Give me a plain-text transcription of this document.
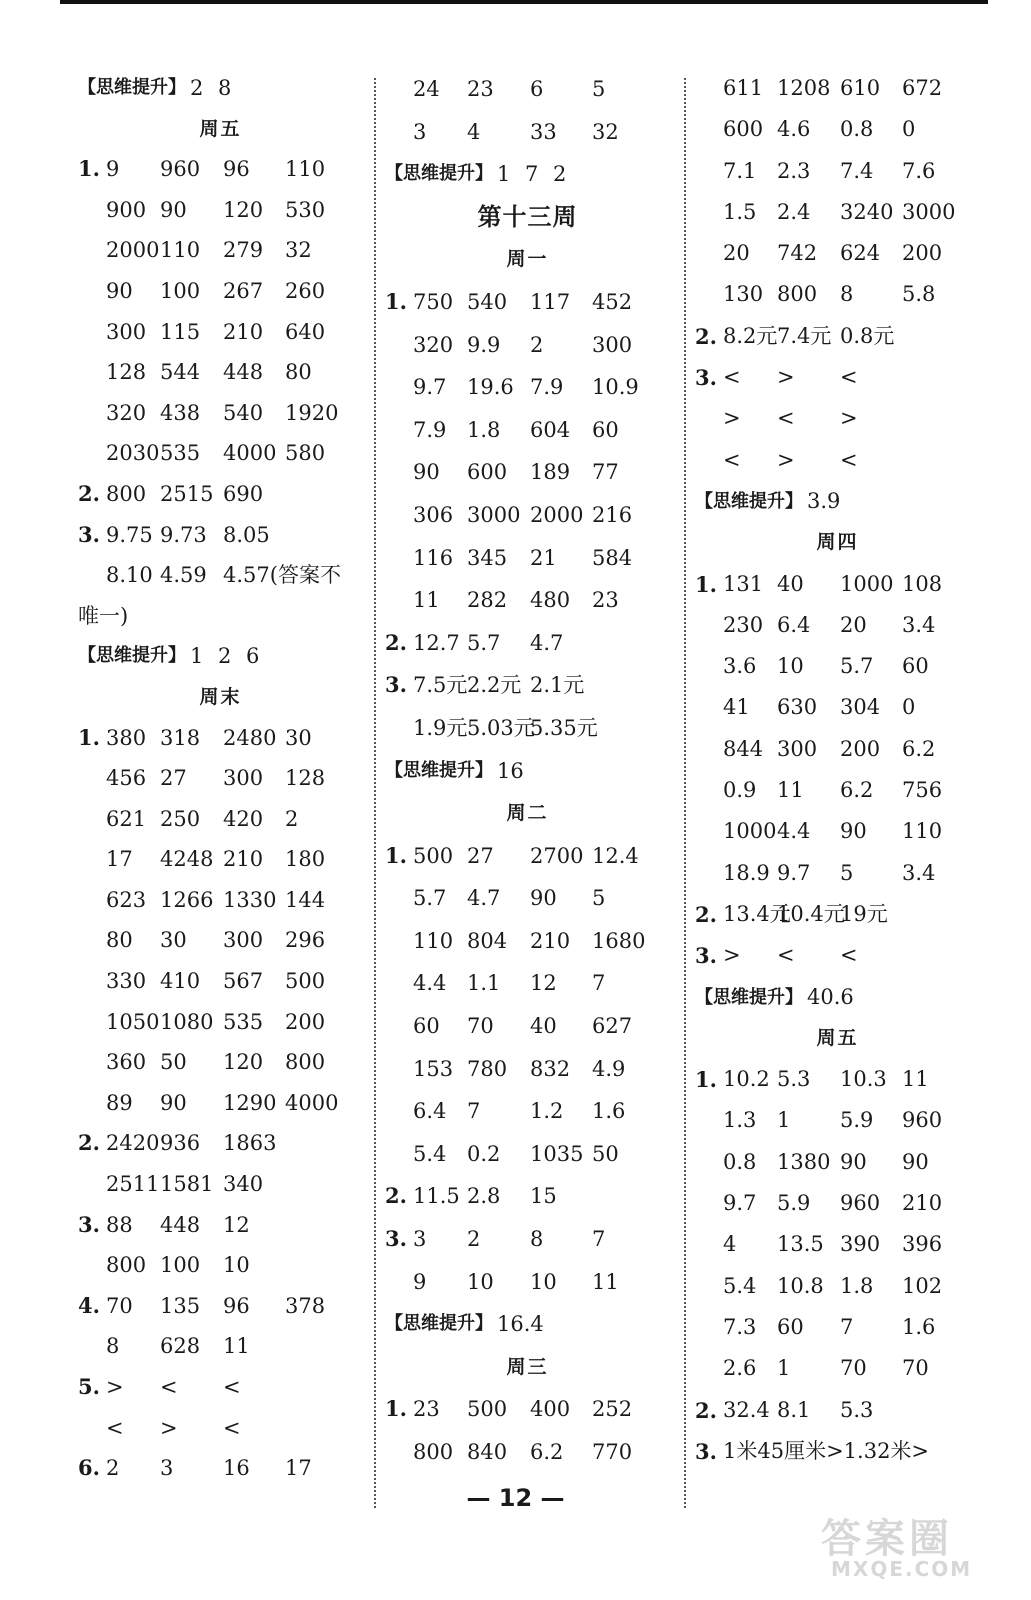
【思维提升】 2 8
周五
1. 9 960 96 110
900 90 120 530
2000 110 279 32
90 100 267 260
300 115 210 640
128 544 448 80
320 438 540 1920
2030 535 4000 580
2. 800 2515 690
3. 9.75 9.73 8.05
8.10 4.59 4.57(答案不
唯一)
【思维提升】 1 2 6
周末
1. 380 318 2480 30
456 27 300 128
621 250 420 2
17 4248 210 180
623 1266 1330 144
80 30 300 296
330 410 567 500
1050 1080 535 200
360 50 120 800
89 90 1290 4000
2. 2420 936 1863
2511 1581 340
3. 88 448 12
800 100 10
4. 70 135 96 378
8 628 11
5. > < <
< > <
6. 2 3 16 17
24 23 6 5
3 4 33 32
【思维提升】 1 7 2
第十三周
周一
1. 750 540 117 452
320 9.9 2 300
9.7 19.6 7.9 10.9
7.9 1.8 604 60
90 600 189 77
306 3000 2000 216
116 345 21 584
11 282 480 23
2. 12.7 5.7 4.7
3. 7.5元 2.2元 2.1元
1.9元 5.03元
5.35元
【思维提升】 16
周二
1. 500 27 2700 12.4
5.7 4.7 90 5
110 804 210 1680
4.4 1.1 12 7
60 70 40 627
153 780 832 4.9
6.4 7 1.2 1.6
5.4 0.2 1035 50
2. 11.5 2.8 15
3. 3 2 8 7
9 10 10 11
【思维提升】 16.4
周三
1. 23 500 400 252
800 840 6.2 770
611 1208 610 672
600 4.6 0.8 0
7.1 2.3 7.4 7.6
1.5 2.4 3240 3000
20 742 624 200
130 800 8 5.8
2. 8.2元 7.4元 0.8元
3. < > <
> < >
< > <
【思维提升】 3.9
周四
1. 131 40 1000 108
230 6.4 20 3.4
3.6 10 5.7 60
41 630 304 0
844 300 200 6.2
0.9 11 6.2 756
1000 4.4 90 110
18.9 9.7 5 3.4
2. 13.4元
10.4元
19元
3. > < <
【思维提升】 40.6
周五
1. 10.2 5.3 10.3 11
1.3 1 5.9 960
0.8 1380 90 90
9.7 5.9 960 210
4 13.5 390 396
5.4 10.8 1.8 102
7.3 60 7 1.6
2.6 1 70 70
2. 32.4 8.1 5.3
3. 1米45厘米>1.32米>
— 12 —
答案圈
MXQE.COM
